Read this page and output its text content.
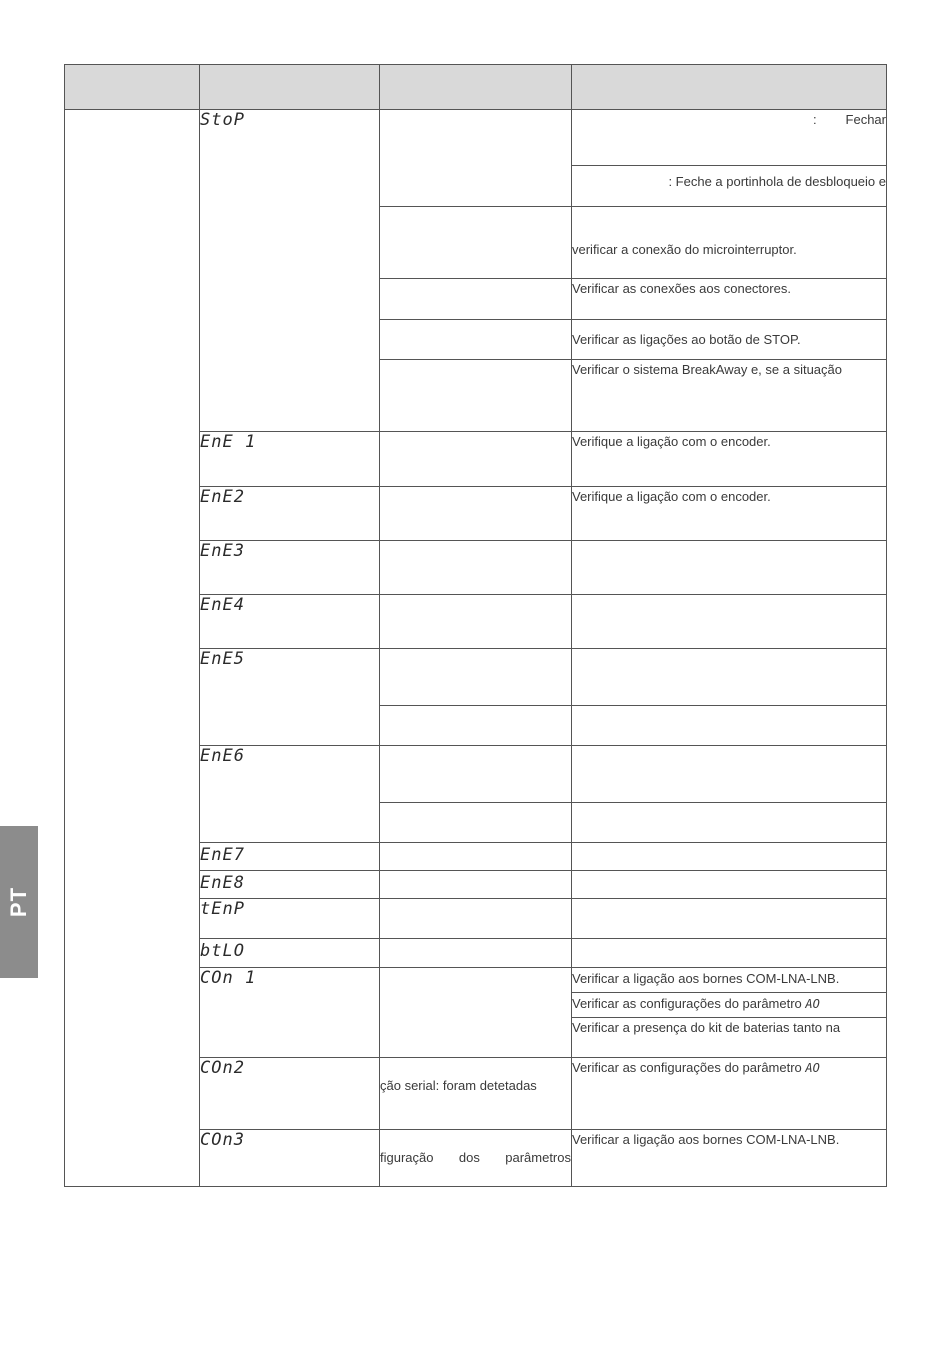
	StoP		: Fechar
			: Feche a portinhola de desbloqueio e
			verificar a conexão do microinterruptor.
			Verificar as conexões aos conectores.
			Verificar as ligações ao botão de STOP.
			Verificar o sistema BreakAway e, se a situação

	EnE 1		Verifique a ligação com o encoder.
	EnE2		Verifique a ligação com o encoder.
	EnE3		
	EnE4		
	EnE5		

	EnE6		

	EnE7		
	EnE8		
	tEnP		
	btLO		
	COn 1		Verificar a ligação aos bornes COM-LNA-LNB.
			Verificar as configurações do parâmetro AO
			Verificar a presença do kit de baterias tanto na
	COn2	ção serial: foram detetadas	Verificar as configurações do parâmetro AO
	COn3	figuração dos parâmetros	Verificar a ligação aos bornes COM-LNA-LNB.
PT
